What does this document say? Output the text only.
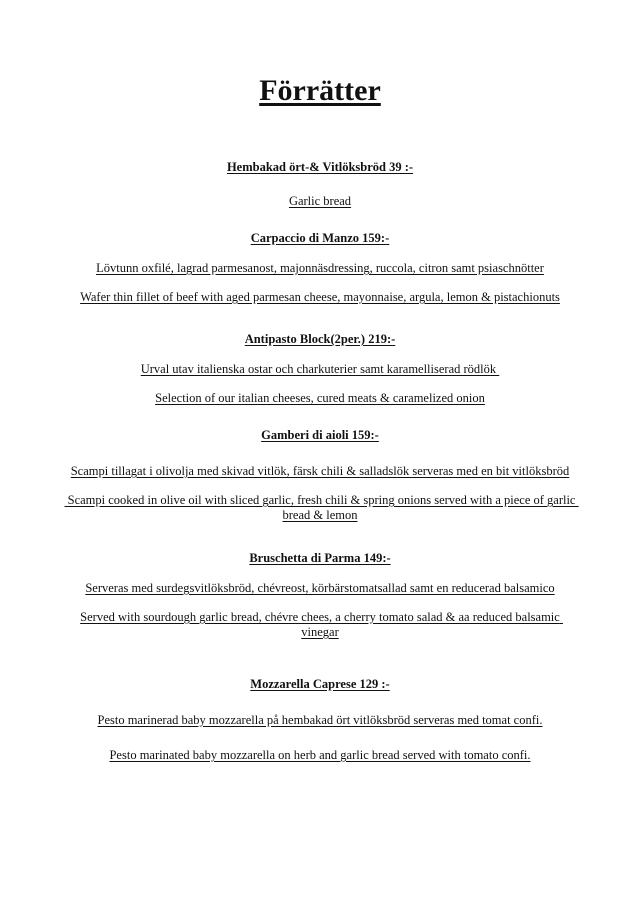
Förrätter
Hembakad ört-& Vitlöksbröd 39 :-
Garlic bread
Carpaccio di Manzo 159:-
Lövtunn oxfilé, lagrad parmesanost, majonnäsdressing, ruccola, citron samt psiaschnötter
Wafer thin fillet of beef with aged parmesan cheese, mayonnaise, argula, lemon & pistachionuts
Antipasto Block(2per.) 219:-
Urval utav italienska ostar och charkuterier samt karamelliserad rödlök
Selection of our italian cheeses, cured meats & caramelized onion
Gamberi di aioli 159:-
Scampi tillagat i olivolja med skivad vitlök, färsk chili & salladslök serveras med en bit vitlöksbröd
Scampi cooked in olive oil with sliced garlic, fresh chili & spring onions served with a piece of garlic bread & lemon
Bruschetta di Parma 149:-
Serveras med surdegsvitlöksbröd, chévreost, körbärstomatsallad samt en reducerad balsamico
Served with sourdough garlic bread, chévre chees, a cherry tomato salad & aa reduced balsamic vinegar
Mozzarella Caprese 129 :-
Pesto marinerad baby mozzarella på hembakad ört vitlöksbröd serveras med tomat confi.
Pesto marinated baby mozzarella on herb and garlic bread served with tomato confi.
